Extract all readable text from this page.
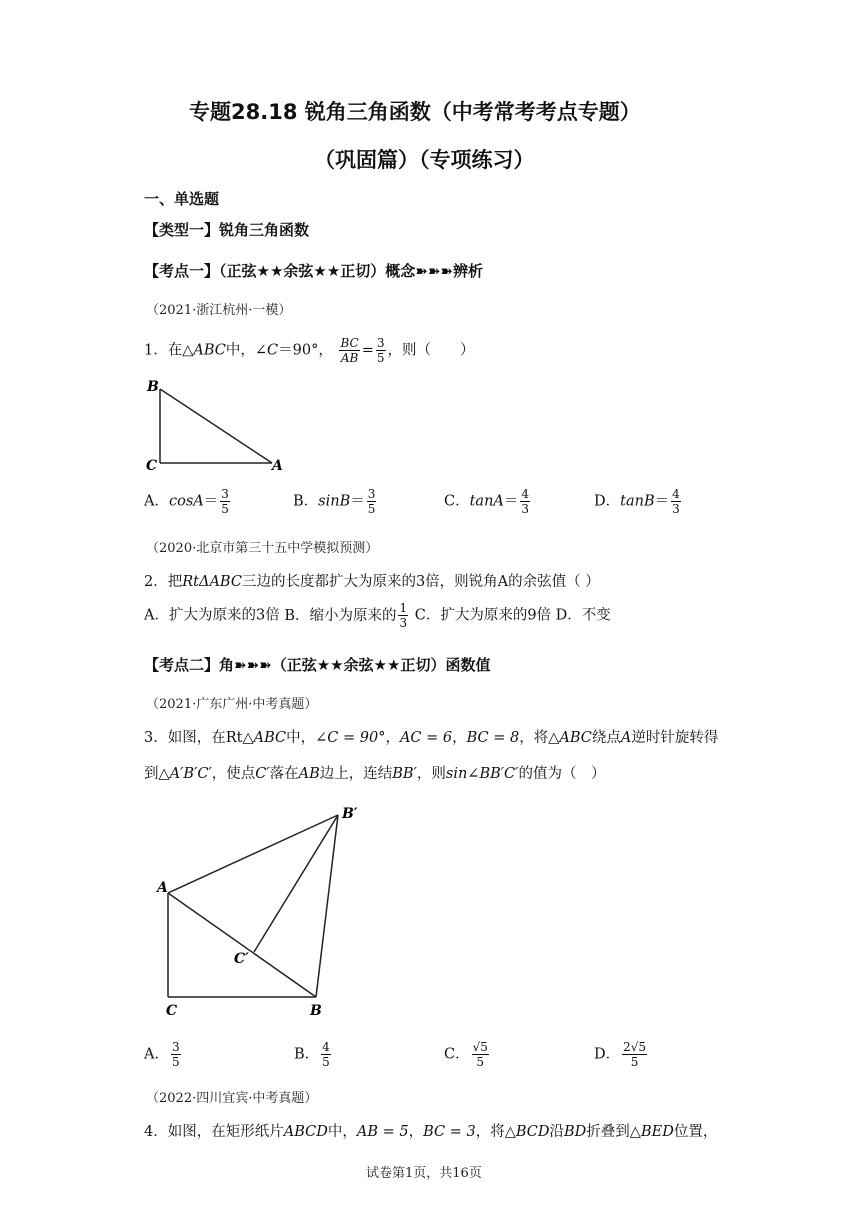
专题28.18 锐角三角函数（中考常考考点专题）
（巩固篇）（专项练习）
一、单选题
【类型一】锐角三角函数
【考点一】（正弦★★余弦★★正切）概念➽➽➽辨析
（2021·浙江杭州·一模）
1．在△ABC中，∠C＝90°， $\frac{BC}{AB} = \frac{3}{5}$ ，则（　　）
B
C	A
A．$\cos A= \frac{3}{5}$	B．$\sin B= \frac{3}{5}$	C．$\tan A= \frac{4}{3}$	D．$\tan B= \frac{4}{3}$
（2020·北京市第三十五中学模拟预测）
2．把RtΔABC三边的长度都扩大为原来的3倍，则锐角A的余弦值（ ）
A．扩大为原来的3倍 B．缩小为原来的 $\frac{1}{3}$ C．扩大为原来的9倍 D．不变
【考点二】角➽➽➽（正弦★★余弦★★正切）函数值
（2021·广东广州·中考真题）
3．如图，在Rt△ABC中，∠C = 90°，AC = 6，BC = 8，将△ABC绕点A逆时针旋转得
到△A′B′C′，使点C′落在AB边上，连结BB′，则sin∠BB′C′的值为（　）
A
C	B
B′
C′
A． $\frac{3}{5}$	B． $\frac{4}{5}$	C． $\frac{√5}{5}$	D． $\frac{2√5}{5}$
（2022·四川宜宾·中考真题）
4．如图，在矩形纸片ABCD中，AB = 5，BC = 3，将△BCD沿BD折叠到△BED位置，
试卷第1页，共16页
